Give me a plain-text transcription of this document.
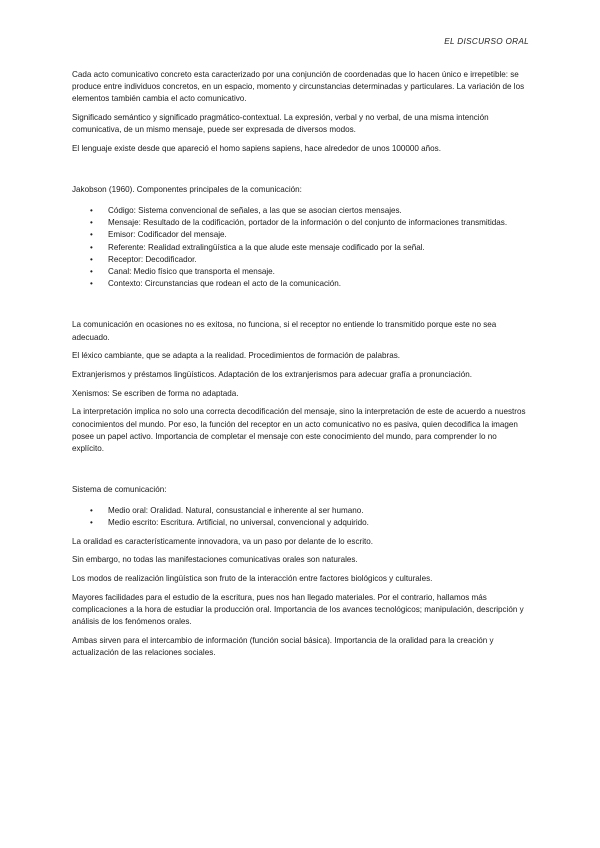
EL DISCURSO ORAL

Cada acto comunicativo concreto esta caracterizado por una conjunción de coordenadas que lo hacen único e irrepetible: se produce entre individuos concretos, en un espacio, momento y circunstancias determinadas y particulares. La variación de los elementos también cambia el acto comunicativo.

Significado semántico y significado pragmático-contextual. La expresión, verbal y no verbal, de una misma intención comunicativa, de un mismo mensaje, puede ser expresada de diversos modos.

El lenguaje existe desde que apareció el homo sapiens sapiens, hace alrededor de unos 100000 años.

Jakobson (1960). Componentes principales de la comunicación:

• Código: Sistema convencional de señales, a las que se asocian ciertos mensajes.
• Mensaje: Resultado de la codificación, portador de la información o del conjunto de informaciones transmitidas.
• Emisor: Codificador del mensaje.
• Referente: Realidad extralingüística a la que alude este mensaje codificado por la señal.
• Receptor: Decodificador.
• Canal: Medio físico que transporta el mensaje.
• Contexto: Circunstancias que rodean el acto de la comunicación.

La comunicación en ocasiones no es exitosa, no funciona, si el receptor no entiende lo transmitido porque este no sea adecuado.

El léxico cambiante, que se adapta a la realidad. Procedimientos de formación de palabras.

Extranjerismos y préstamos lingüísticos. Adaptación de los extranjerismos para adecuar grafía a pronunciación.

Xenismos: Se escriben de forma no adaptada.

La interpretación implica no solo una correcta decodificación del mensaje, sino la interpretación de este de acuerdo a nuestros conocimientos del mundo. Por eso, la función del receptor en un acto comunicativo no es pasiva, quien decodifica la imagen posee un papel activo. Importancia de completar el mensaje con este conocimiento del mundo, para comprender lo no explícito.

Sistema de comunicación:

• Medio oral: Oralidad. Natural, consustancial e inherente al ser humano.
• Medio escrito: Escritura. Artificial, no universal, convencional y adquirido.

La oralidad es característicamente innovadora, va un paso por delante de lo escrito.

Sin embargo, no todas las manifestaciones comunicativas orales son naturales.

Los modos de realización lingüística son fruto de la interacción entre factores biológicos y culturales.

Mayores facilidades para el estudio de la escritura, pues nos han llegado materiales. Por el contrario, hallamos más complicaciones a la hora de estudiar la producción oral. Importancia de los avances tecnológicos; manipulación, descripción y análisis de los fenómenos orales.

Ambas sirven para el intercambio de información (función social básica). Importancia de la oralidad para la creación y actualización de las relaciones sociales.
